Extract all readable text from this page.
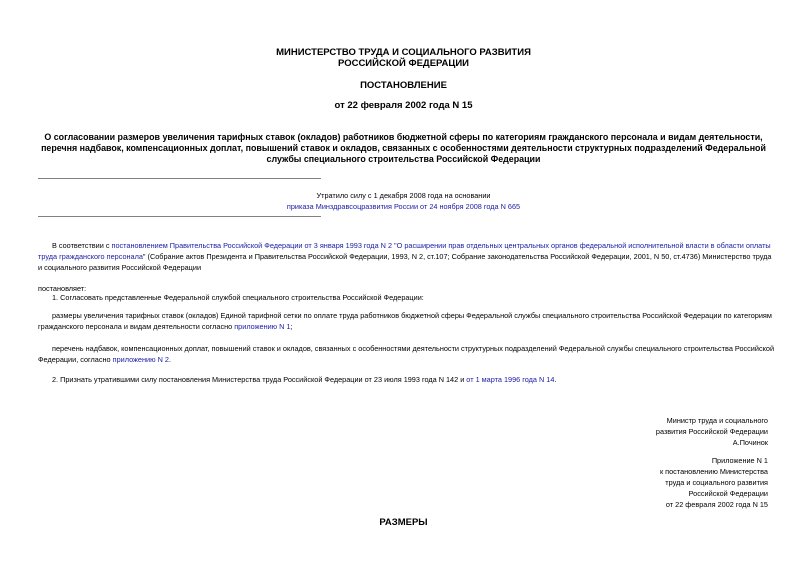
МИНИСТЕРСТВО ТРУДА И СОЦИАЛЬНОГО РАЗВИТИЯ
РОССИЙСКОЙ ФЕДЕРАЦИИ
ПОСТАНОВЛЕНИЕ
от 22 февраля 2002 года N 15
О согласовании размеров увеличения тарифных ставок (окладов) работников бюджетной сферы по категориям гражданского персонала и видам деятельности,
перечня надбавок, компенсационных доплат, повышений ставок и окладов, связанных с особенностями деятельности структурных подразделений Федеральной
службы специального строительства Российской Федерации
Утратило силу с 1 декабря 2008 года на основании
приказа Минздравсоцразвития России от 24 ноября 2008 года N 665
В соответствии с постановлением Правительства Российской Федерации от 3 января 1993 года N 2 "О расширении прав отдельных центральных органов федеральной исполнительной власти в области оплаты
труда гражданского персонала" (Собрание актов Президента и Правительства Российской Федерации, 1993, N 2, ст.107; Собрание законодательства Российской Федерации, 2001, N 50, ст.4736) Министерство труда
и социального развития Российской Федерации
постановляет:
1. Согласовать представленные Федеральной службой специального строительства Российской Федерации:
размеры увеличения тарифных ставок (окладов) Единой тарифной сетки по оплате труда работников бюджетной сферы Федеральной службы специального строительства Российской Федерации по категориям
гражданского персонала и видам деятельности согласно приложению N 1;
перечень надбавок, компенсационных доплат, повышений ставок и окладов, связанных с особенностями деятельности структурных подразделений Федеральной службы специального строительства Российской
Федерации, согласно приложению N 2.
2. Признать утратившими силу постановления Министерства труда Российской Федерации от 23 июля 1993 года N 142 и от 1 марта 1996 года N 14.
Министр труда и социального
развития Российской Федерации
А.Починок
Приложение N 1
к постановлению Министерства
труда и социального развития
Российской Федерации
от 22 февраля 2002 года N 15
РАЗМЕРЫ
